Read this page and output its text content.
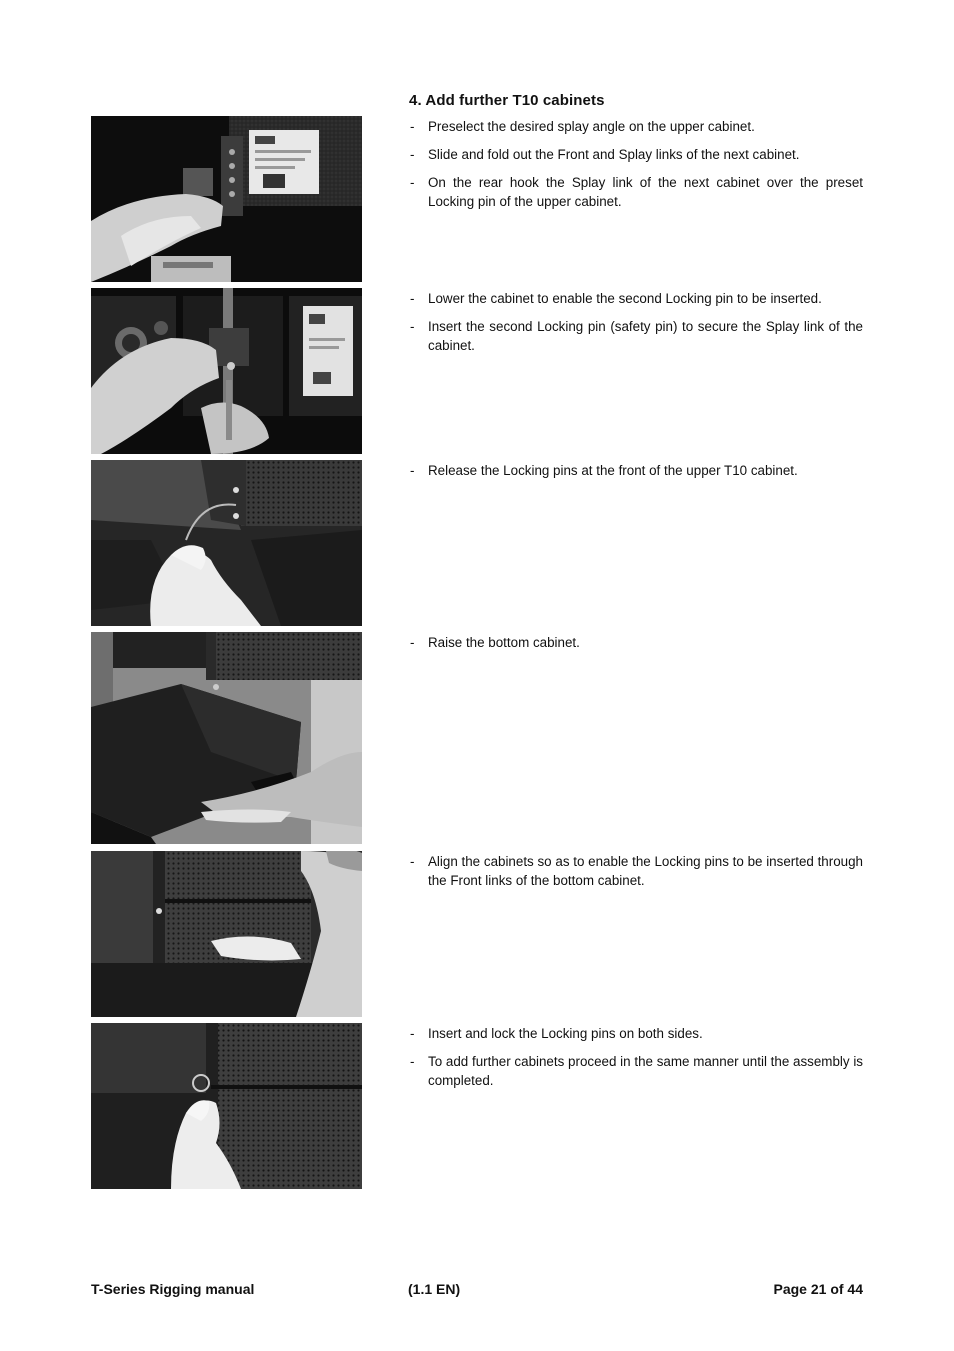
4. Add further T10 cabinets
- Preselect the desired splay angle on the upper cabinet.
- Slide and fold out the Front and Splay links of the next cabinet.
- On the rear hook the Splay link of the next cabinet over the preset Locking pin of the upper cabinet.
- Lower the cabinet to enable the second Locking pin to be inserted.
- Insert the second Locking pin (safety pin) to secure the Splay link of the cabinet.
- Release the Locking pins at the front of the upper T10 cabinet.
- Raise the bottom cabinet.
- Align the cabinets so as to enable the Locking pins to be inserted through the Front links of the bottom cabinet.
- Insert and lock the Locking pins on both sides.
- To add further cabinets proceed in the same manner until the assembly is completed.
T-Series Rigging manual	(1.1 EN)	Page 21 of 44
